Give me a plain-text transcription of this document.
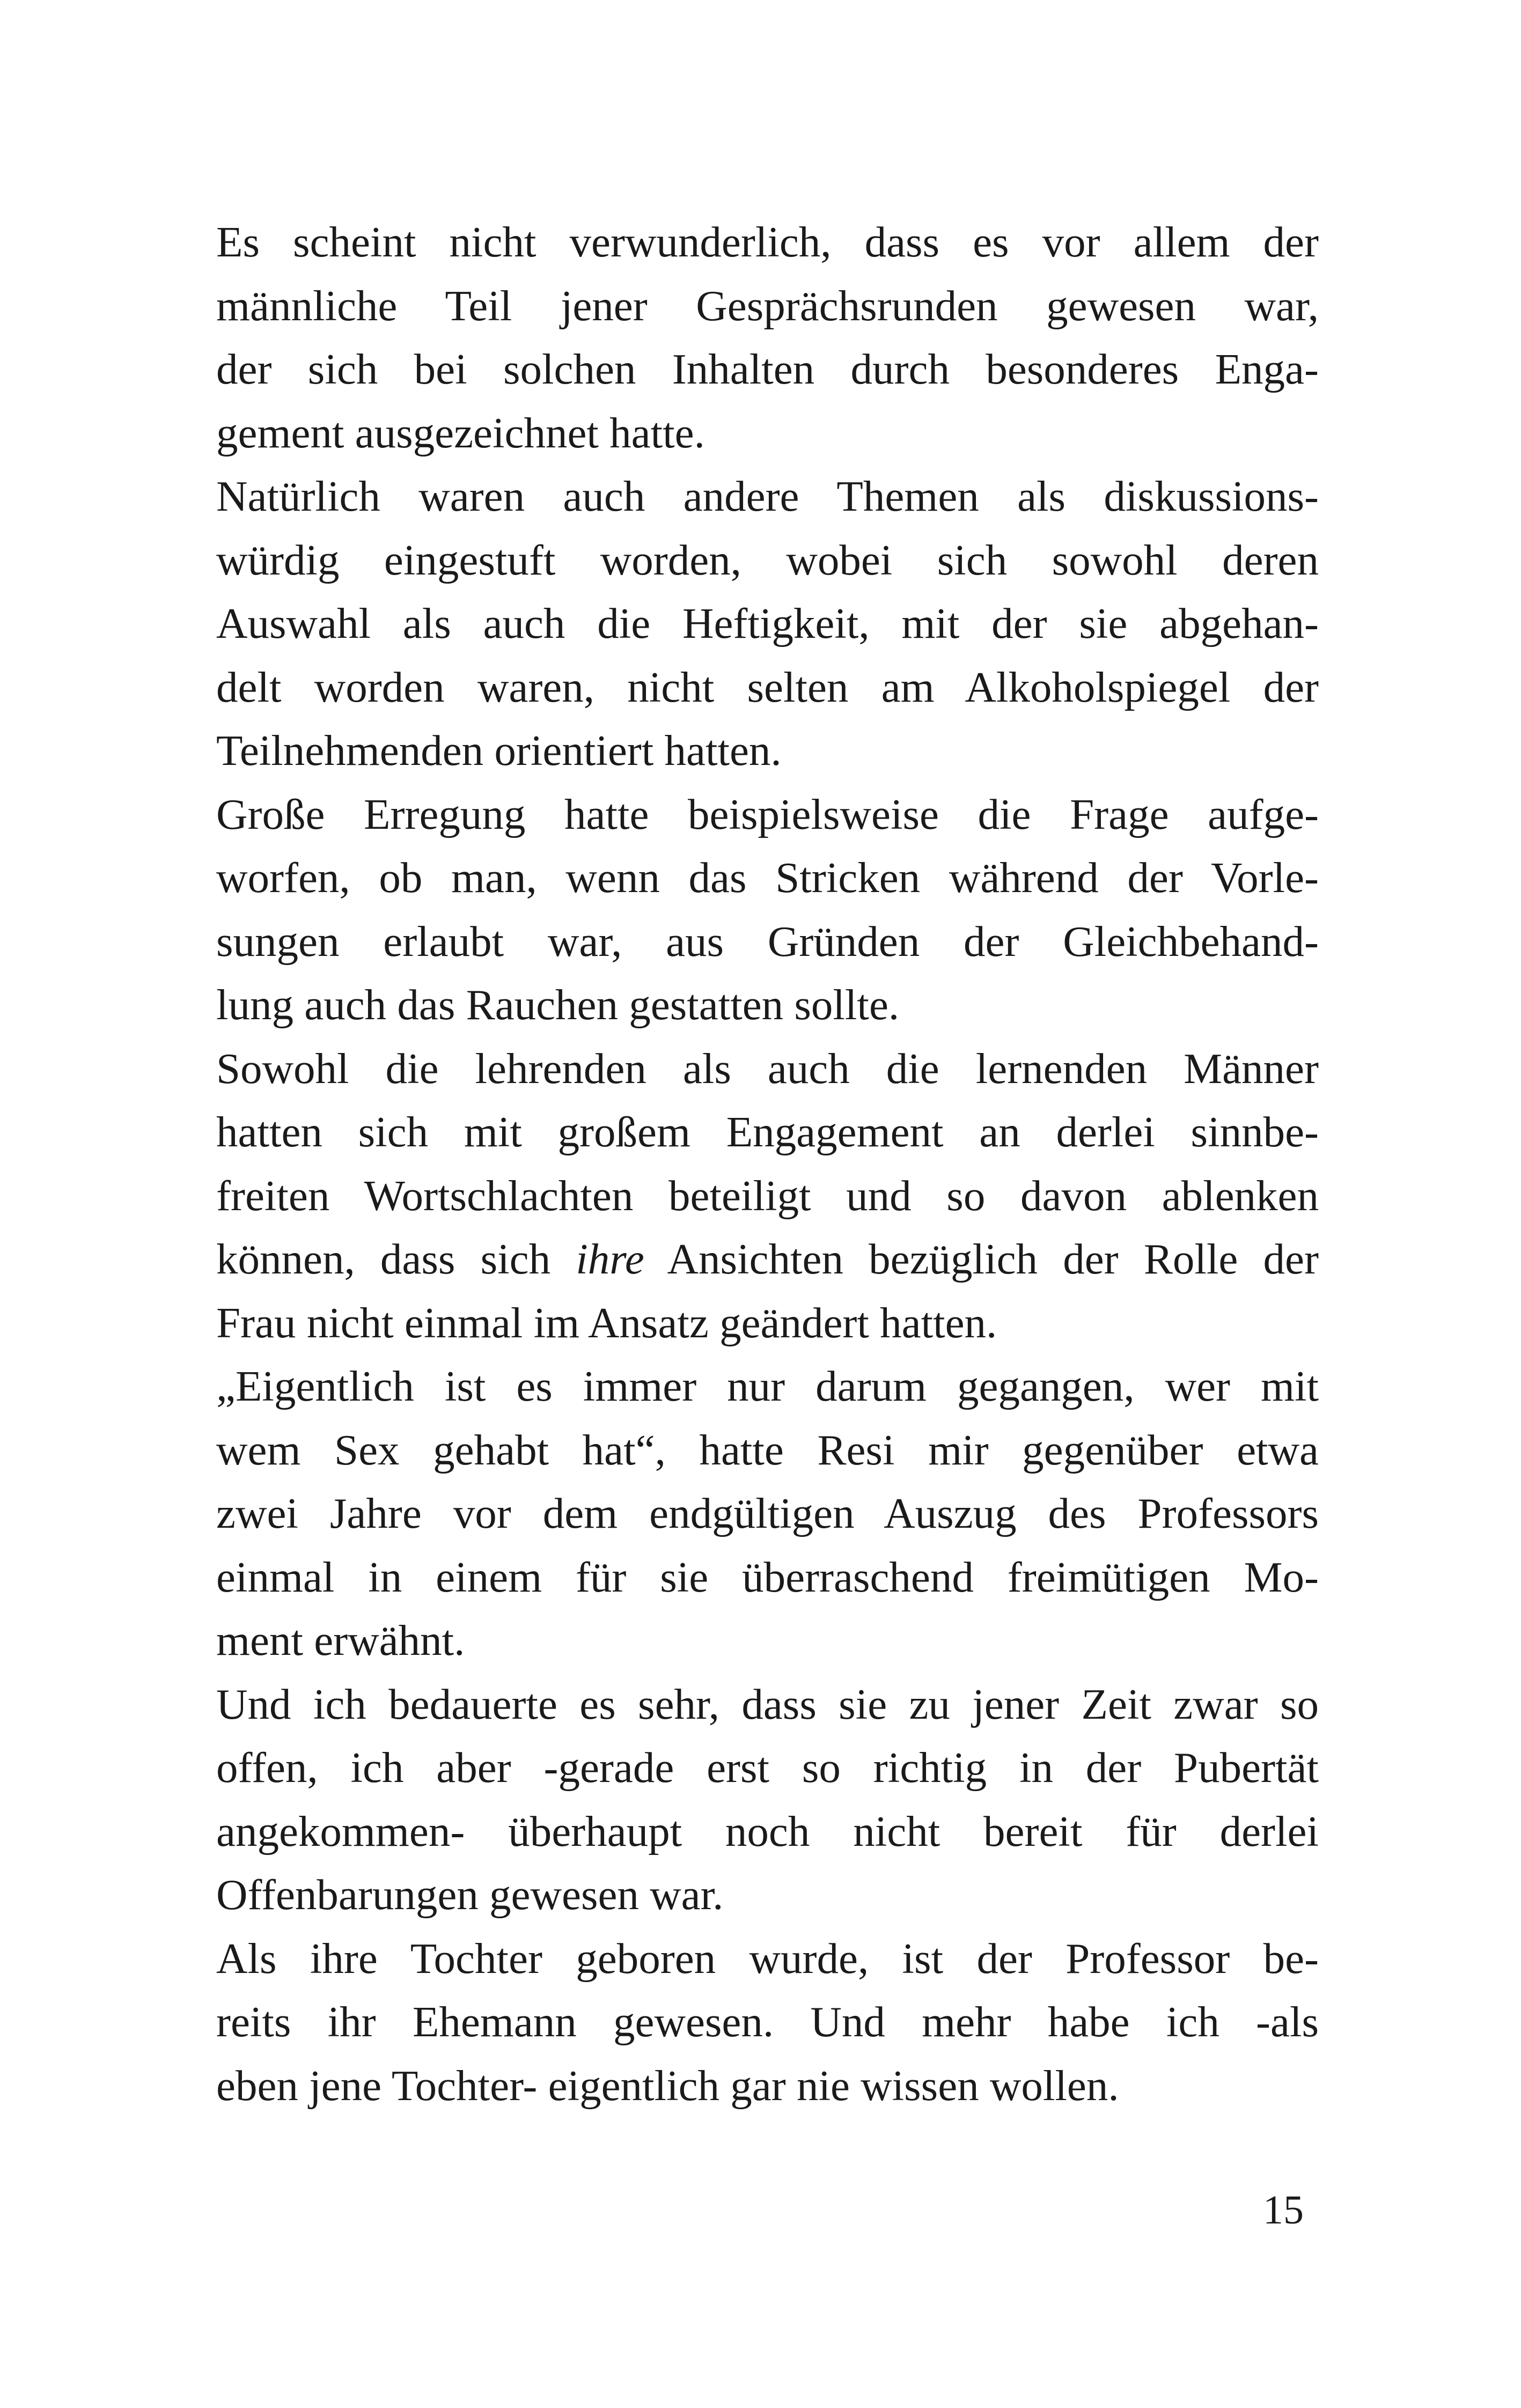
Es scheint nicht verwunderlich, dass es vor allem der
männliche Teil jener Gesprächsrunden gewesen war,
der sich bei solchen Inhalten durch besonderes Enga-
gement ausgezeichnet hatte.
Natürlich waren auch andere Themen als diskussions-
würdig eingestuft worden, wobei sich sowohl deren
Auswahl als auch die Heftigkeit, mit der sie abgehan-
delt worden waren, nicht selten am Alkoholspiegel der
Teilnehmenden orientiert hatten.
Große Erregung hatte beispielsweise die Frage aufge-
worfen, ob man, wenn das Stricken während der Vorle-
sungen erlaubt war, aus Gründen der Gleichbehand-
lung auch das Rauchen gestatten sollte.
Sowohl die lehrenden als auch die lernenden Männer
hatten sich mit großem Engagement an derlei sinnbe-
freiten Wortschlachten beteiligt und so davon ablenken
können, dass sich ihre Ansichten bezüglich der Rolle der
Frau nicht einmal im Ansatz geändert hatten.
„Eigentlich ist es immer nur darum gegangen, wer mit
wem Sex gehabt hat“, hatte Resi mir gegenüber etwa
zwei Jahre vor dem endgültigen Auszug des Professors
einmal in einem für sie überraschend freimütigen Mo-
ment erwähnt.
Und ich bedauerte es sehr, dass sie zu jener Zeit zwar so
offen, ich aber -gerade erst so richtig in der Pubertät
angekommen- überhaupt noch nicht bereit für derlei
Offenbarungen gewesen war.
Als ihre Tochter geboren wurde, ist der Professor be-
reits ihr Ehemann gewesen. Und mehr habe ich -als
eben jene Tochter- eigentlich gar nie wissen wollen.
15
